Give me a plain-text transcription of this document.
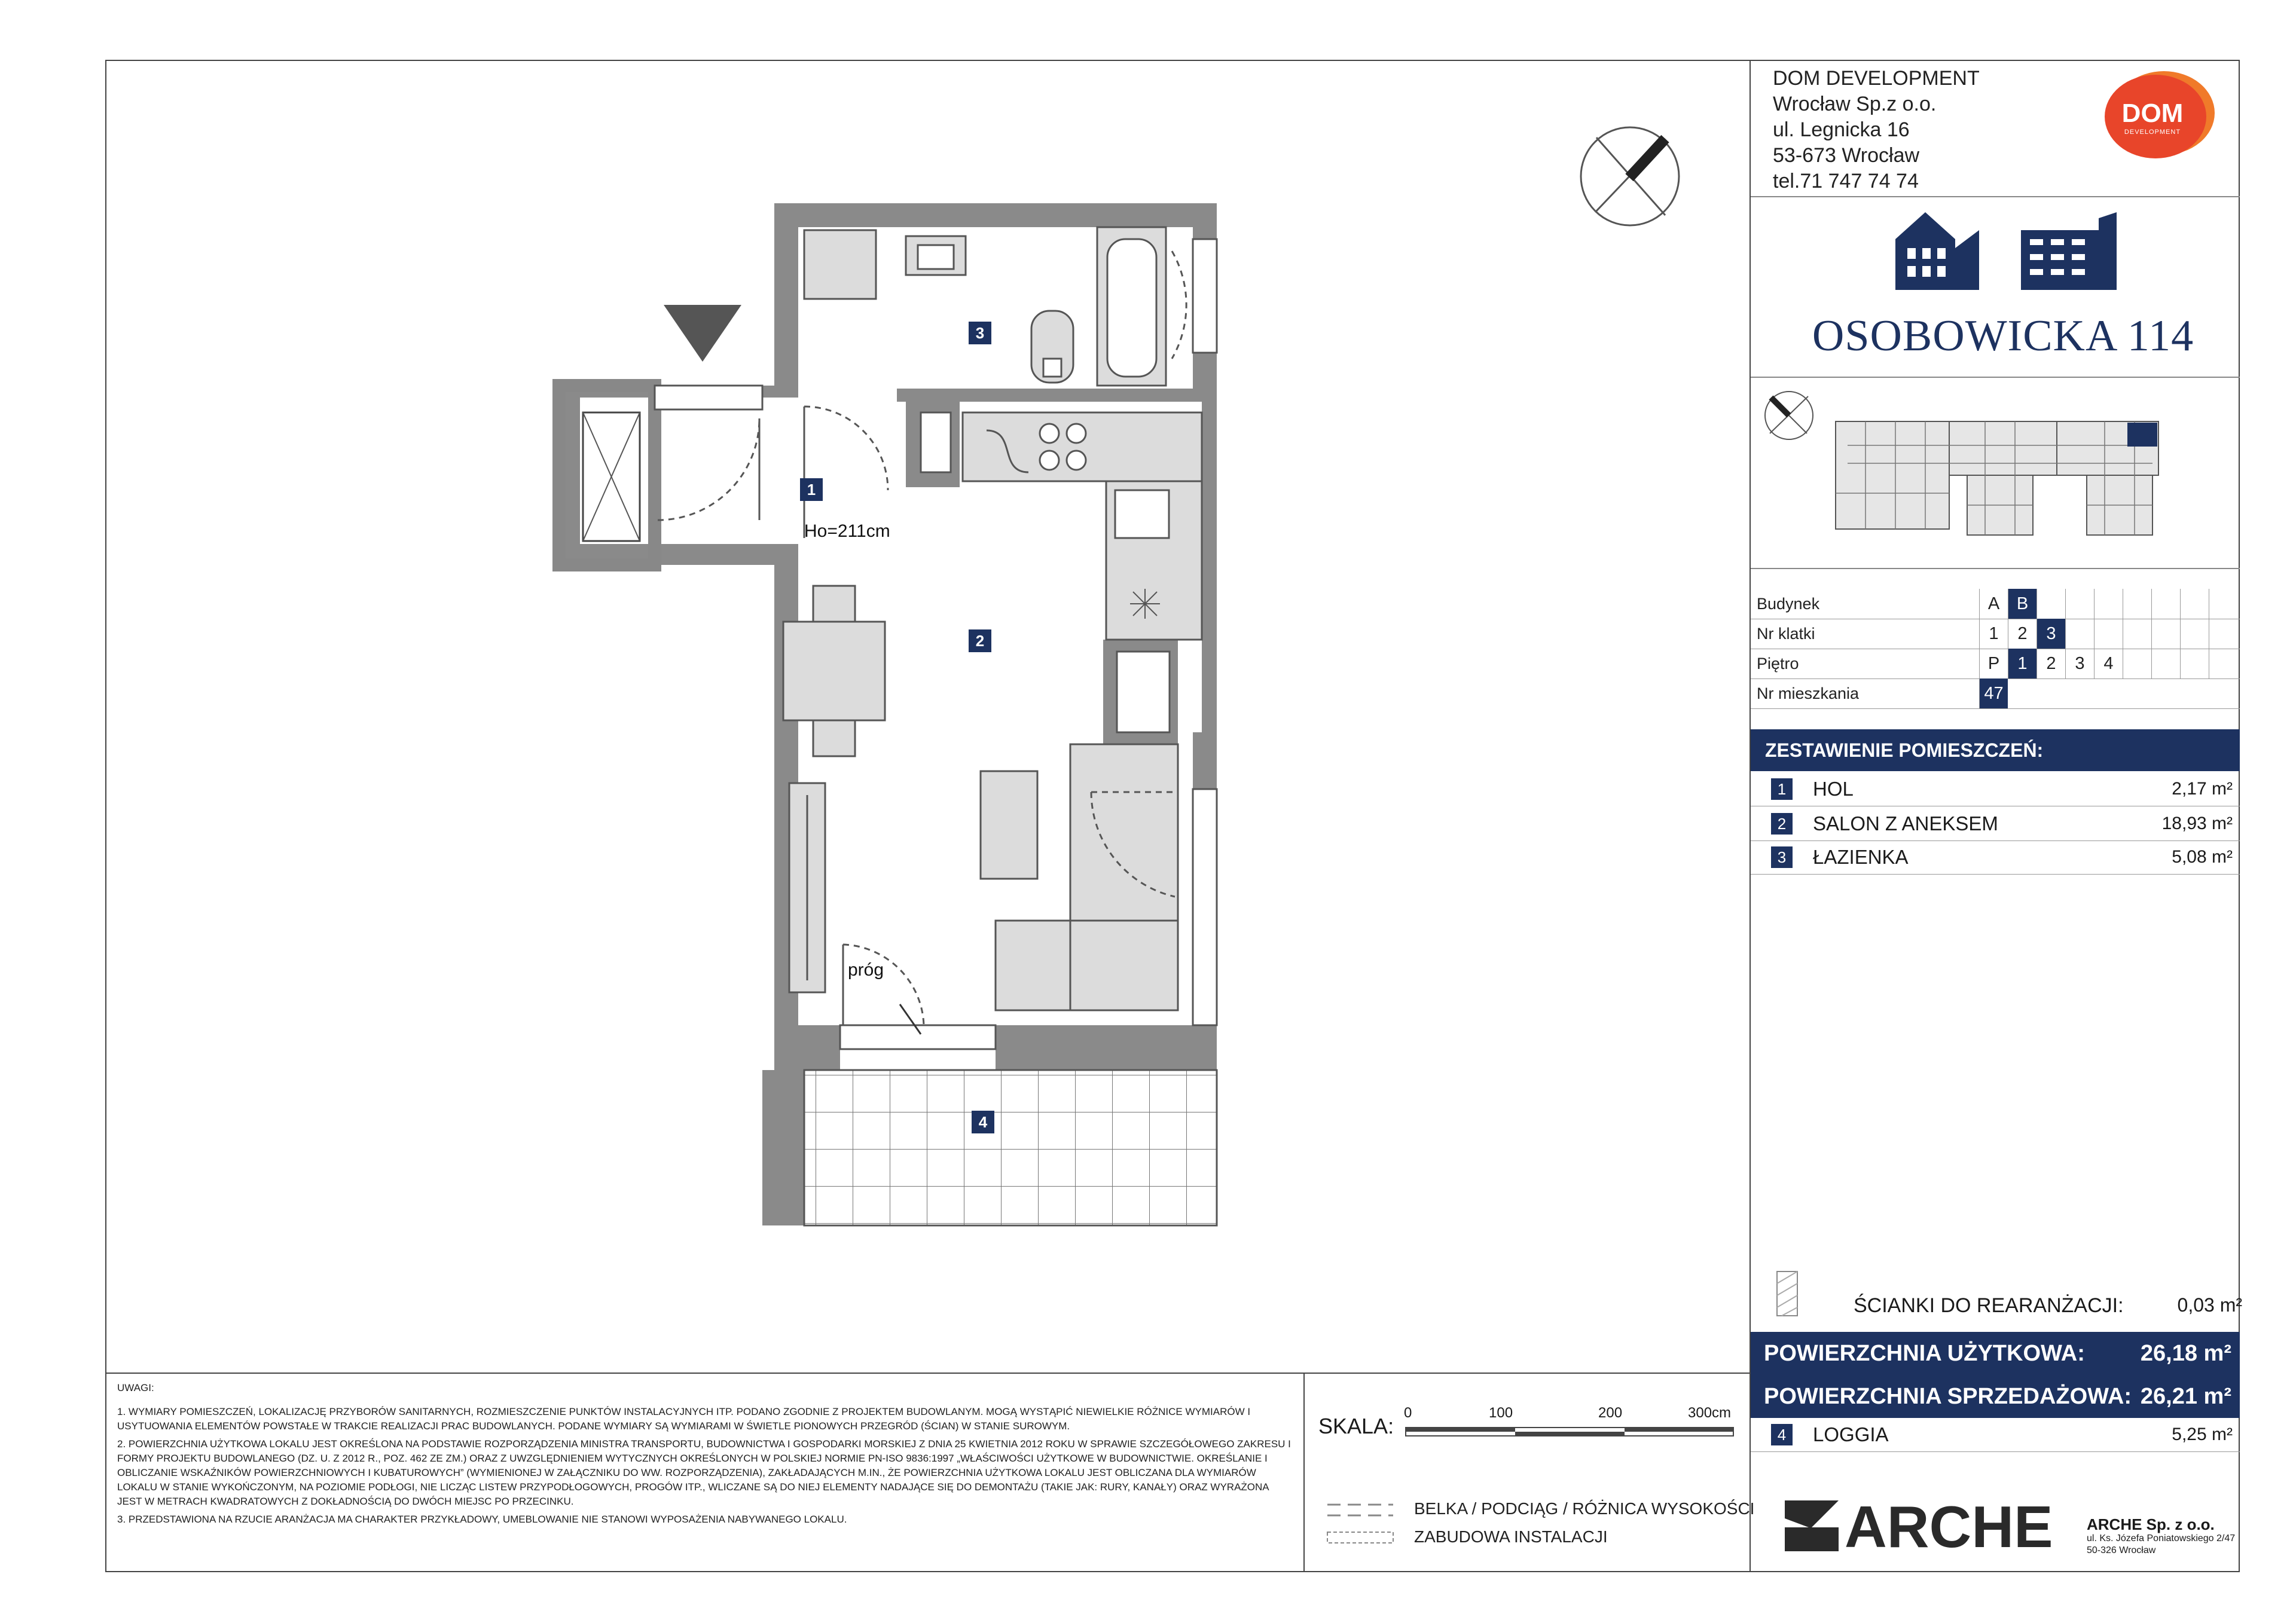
3
1
2
4
Ho=211cm
próg
DOM DEVELOPMENT
Wrocław Sp.z o.o.
ul. Legnicka 16
53-673 Wrocław
tel.71 747 74 74
DOM
DEVELOPMENT
OSOBOWICKA 114
Budynek	A B
Nr klatki	1	2	3
Piętro	P	1	2	3	4
Nr mieszkania	47
ZESTAWIENIE POMIESZCZEŃ:
1	HOL	2,17 m²
2	SALON Z ANEKSEM	18,93 m²
3	ŁAZIENKA	5,08 m²
ŚCIANKI DO REARANŻACJI:	0,03 m²
POWIERZCHNIA UŻYTKOWA: 26,18 m²
POWIERZCHNIA SPRZEDAŻOWA: 26,21 m²
4	LOGGIA	5,25 m²
ARCHE ARCHE Sp. z o.o.
ul. Ks. Józefa Poniatowskiego 2/47
50-326 Wrocław

UWAGI:

1. WYMIARY POMIESZCZEŃ, LOKALIZACJĘ PRZYBORÓW SANITARNYCH, ROZMIESZCZENIE PUNKTÓW INSTALACYJNYCH ITP. PODANO ZGODNIE Z PROJEKTEM BUDOWLANYM. MOGĄ WYSTĄPIĆ NIEWIELKIE RÓŻNICE WYMIARÓW I USYTUOWANIA ELEMENTÓW POWSTAŁE W TRAKCIE REALIZACJI PRAC BUDOWLANYCH. PODANE WYMIARY SĄ WYMIARAMI W ŚWIETLE PIONOWYCH PRZEGRÓD (ŚCIAN) W STANIE SUROWYM.

2. POWIERZCHNIA UŻYTKOWA LOKALU JEST OKREŚLONA NA PODSTAWIE ROZPORZĄDZENIA MINISTRA TRANSPORTU, BUDOWNICTWA I GOSPODARKI MORSKIEJ Z DNIA 25 KWIETNIA 2012 ROKU W SPRAWIE SZCZEGÓŁOWEGO ZAKRESU I FORMY PROJEKTU BUDOWLANEGO (DZ. U. Z 2012 R., POZ. 462 ZE ZM.) ORAZ Z UWZGLĘDNIENIEM WYTYCZNYCH OKREŚLONYCH W POLSKIEJ NORMIE PN-ISO 9836:1997 „WŁAŚCIWOŚCI UŻYTKOWE W BUDOWNICTWIE. OKREŚLANIE I OBLICZANIE WSKAŹNIKÓW POWIERZCHNIOWYCH I KUBATUROWYCH” (WYMIENIONEJ W ZAŁĄCZNIKU DO WW. ROZPORZĄDZENIA), ZAKŁADAJĄCYCH M.IN., ŻE POWIERZCHNIA UŻYTKOWA LOKALU JEST OBLICZANA DLA WYMIARÓW LOKALU W STANIE WYKOŃCZONYM, NA POZIOMIE PODŁOGI, NIE LICZĄC LISTEW PRZYPODŁOGOWYCH, PROGÓW ITP., WLICZANE SĄ DO NIEJ ELEMENTY NADAJĄCE SIĘ DO DEMONTAŻU (TAKIE JAK: RURY, KANAŁY) ORAZ WYRAŻONA JEST W METRACH KWADRATOWYCH Z DOKŁADNOŚCIĄ DO DWÓCH MIEJSC PO PRZECINKU.

3. PRZEDSTAWIONA NA RZUCIE ARANŻACJA MA CHARAKTER PRZYKŁADOWY, UMEBLOWANIE NIE STANOWI WYPOSAŻENIA NABYWANEGO LOKALU.

SKALA:
0	100	200	300cm
BELKA / PODCIĄG / RÓŻNICA WYSOKOŚCI
ZABUDOWA INSTALACJI
